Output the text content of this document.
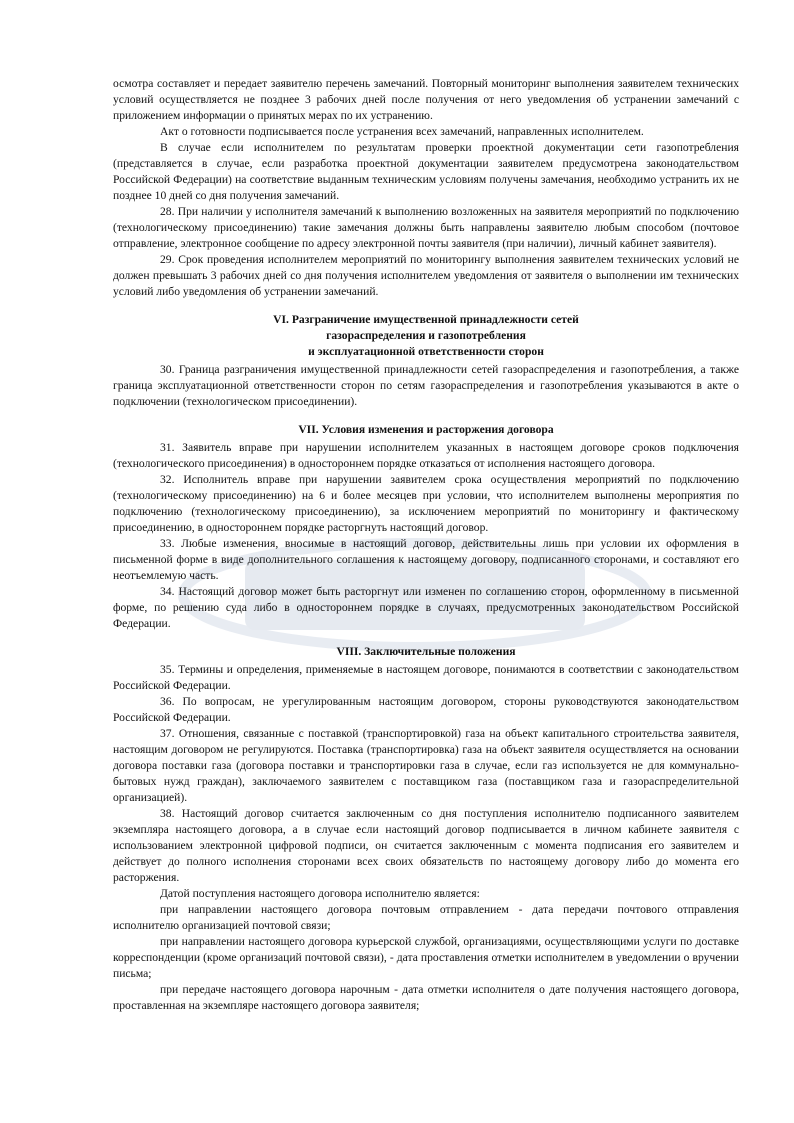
осмотра составляет и передает заявителю перечень замечаний. Повторный мониторинг выполнения заявителем технических условий осуществляется не позднее 3 рабочих дней после получения от него уведомления об устранении замечаний с приложением информации о принятых мерах по их устранению.

Акт о готовности подписывается после устранения всех замечаний, направленных исполнителем.

В случае если исполнителем по результатам проверки проектной документации сети газопотребления (представляется в случае, если разработка проектной документации заявителем предусмотрена законодательством Российской Федерации) на соответствие выданным техническим условиям получены замечания, необходимо устранить их не позднее 10 дней со дня получения замечаний.

28. При наличии у исполнителя замечаний к выполнению возложенных на заявителя мероприятий по подключению (технологическому присоединению) такие замечания должны быть направлены заявителю любым способом (почтовое отправление, электронное сообщение по адресу электронной почты заявителя (при наличии), личный кабинет заявителя).

29. Срок проведения исполнителем мероприятий по мониторингу выполнения заявителем технических условий не должен превышать 3 рабочих дней со дня получения исполнителем уведомления от заявителя о выполнении им технических условий либо уведомления об устранении замечаний.

VI. Разграничение имущественной принадлежности сетей
газораспределения и газопотребления
и эксплуатационной ответственности сторон

30. Граница разграничения имущественной принадлежности сетей газораспределения и газопотребления, а также граница эксплуатационной ответственности сторон по сетям газораспределения и газопотребления указываются в акте о подключении (технологическом присоединении).

VII. Условия изменения и расторжения договора

31. Заявитель вправе при нарушении исполнителем указанных в настоящем договоре сроков подключения (технологического присоединения) в одностороннем порядке отказаться от исполнения настоящего договора.

32. Исполнитель вправе при нарушении заявителем срока осуществления мероприятий по подключению (технологическому присоединению) на 6 и более месяцев при условии, что исполнителем выполнены мероприятия по подключению (технологическому присоединению), за исключением мероприятий по мониторингу и фактическому присоединению, в одностороннем порядке расторгнуть настоящий договор.

33. Любые изменения, вносимые в настоящий договор, действительны лишь при условии их оформления в письменной форме в виде дополнительного соглашения к настоящему договору, подписанного сторонами, и составляют его неотъемлемую часть.

34. Настоящий договор может быть расторгнут или изменен по соглашению сторон, оформленному в письменной форме, по решению суда либо в одностороннем порядке в случаях, предусмотренных законодательством Российской Федерации.

VIII. Заключительные положения

35. Термины и определения, применяемые в настоящем договоре, понимаются в соответствии с законодательством Российской Федерации.

36. По вопросам, не урегулированным настоящим договором, стороны руководствуются законодательством Российской Федерации.

37. Отношения, связанные с поставкой (транспортировкой) газа на объект капитального строительства заявителя, настоящим договором не регулируются. Поставка (транспортировка) газа на объект заявителя осуществляется на основании договора поставки газа (договора поставки и транспортировки газа в случае, если газ используется не для коммунально-бытовых нужд граждан), заключаемого заявителем с поставщиком газа (поставщиком газа и газораспределительной организацией).

38. Настоящий договор считается заключенным со дня поступления исполнителю подписанного заявителем экземпляра настоящего договора, а в случае если настоящий договор подписывается в личном кабинете заявителя с использованием электронной цифровой подписи, он считается заключенным с момента подписания его заявителем и действует до полного исполнения сторонами всех своих обязательств по настоящему договору либо до момента его расторжения.

Датой поступления настоящего договора исполнителю является:

при направлении настоящего договора почтовым отправлением - дата передачи почтового отправления исполнителю организацией почтовой связи;

при направлении настоящего договора курьерской службой, организациями, осуществляющими услуги по доставке корреспонденции (кроме организаций почтовой связи), - дата проставления отметки исполнителем в уведомлении о вручении письма;

при передаче настоящего договора нарочным - дата отметки исполнителя о дате получения настоящего договора, проставленная на экземпляре настоящего договора заявителя;
